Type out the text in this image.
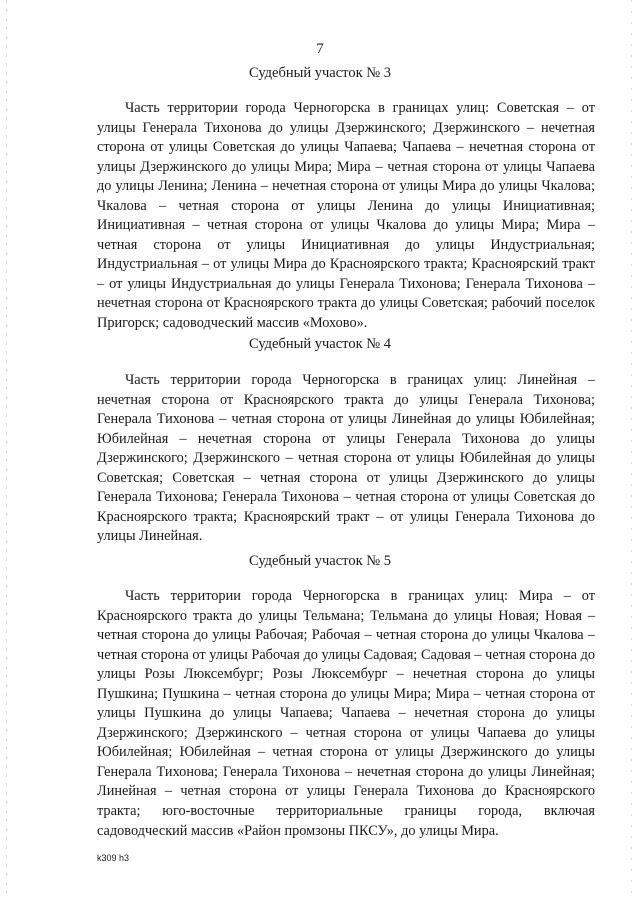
7
Судебный участок № 3

Часть территории города Черногорска в границах улиц: Советская – от улицы Генерала Тихонова до улицы Дзержинского; Дзержинского – нечетная сторона от улицы Советская до улицы Чапаева; Чапаева – нечетная сторона от улицы Дзержинского до улицы Мира; Мира – четная сторона от улицы Чапаева до улицы Ленина; Ленина – нечетная сторона от улицы Мира до улицы Чкалова; Чкалова – четная сторона от улицы Ленина до улицы Инициативная; Инициативная – четная сторона от улицы Чкалова до улицы Мира; Мира – четная сторона от улицы Инициативная до улицы Индустриальная; Индустриальная – от улицы Мира до Красноярского тракта; Красноярский тракт – от улицы Индустриальная до улицы Генерала Тихонова; Генерала Тихонова – нечетная сторона от Красноярского тракта до улицы Советская; рабочий поселок Пригорск; садоводческий массив «Мохово».

Судебный участок № 4

Часть территории города Черногорска в границах улиц: Линейная – нечетная сторона от Красноярского тракта до улицы Генерала Тихонова; Генерала Тихонова – четная сторона от улицы Линейная до улицы Юбилейная; Юбилейная – нечетная сторона от улицы Генерала Тихонова до улицы Дзержинского; Дзержинского – четная сторона от улицы Юбилейная до улицы Советская; Советская – четная сторона от улицы Дзержинского до улицы Генерала Тихонова; Генерала Тихонова – четная сторона от улицы Советская до Красноярского тракта; Красноярский тракт – от улицы Генерала Тихонова до улицы Линейная.

Судебный участок № 5

Часть территории города Черногорска в границах улиц: Мира – от Красноярского тракта до улицы Тельмана; Тельмана до улицы Новая; Новая – четная сторона до улицы Рабочая; Рабочая – четная сторона до улицы Чкалова – четная сторона от улицы Рабочая до улицы Садовая; Садовая – четная сторона до улицы Розы Люксембург; Розы Люксембург – нечетная сторона до улицы Пушкина; Пушкина – четная сторона до улицы Мира; Мира – четная сторона от улицы Пушкина до улицы Чапаева; Чапаева – нечетная сторона до улицы Дзержинского; Дзержинского – четная сторона от улицы Чапаева до улицы Юбилейная; Юбилейная – четная сторона от улицы Дзержинского до улицы Генерала Тихонова; Генерала Тихонова – нечетная сторона до улицы Линейная; Линейная – четная сторона от улицы Генерала Тихонова до Красноярского тракта; юго-восточные территориальные границы города, включая садоводческий массив «Район промзоны ПКСУ», до улицы Мира.

k309 h3
